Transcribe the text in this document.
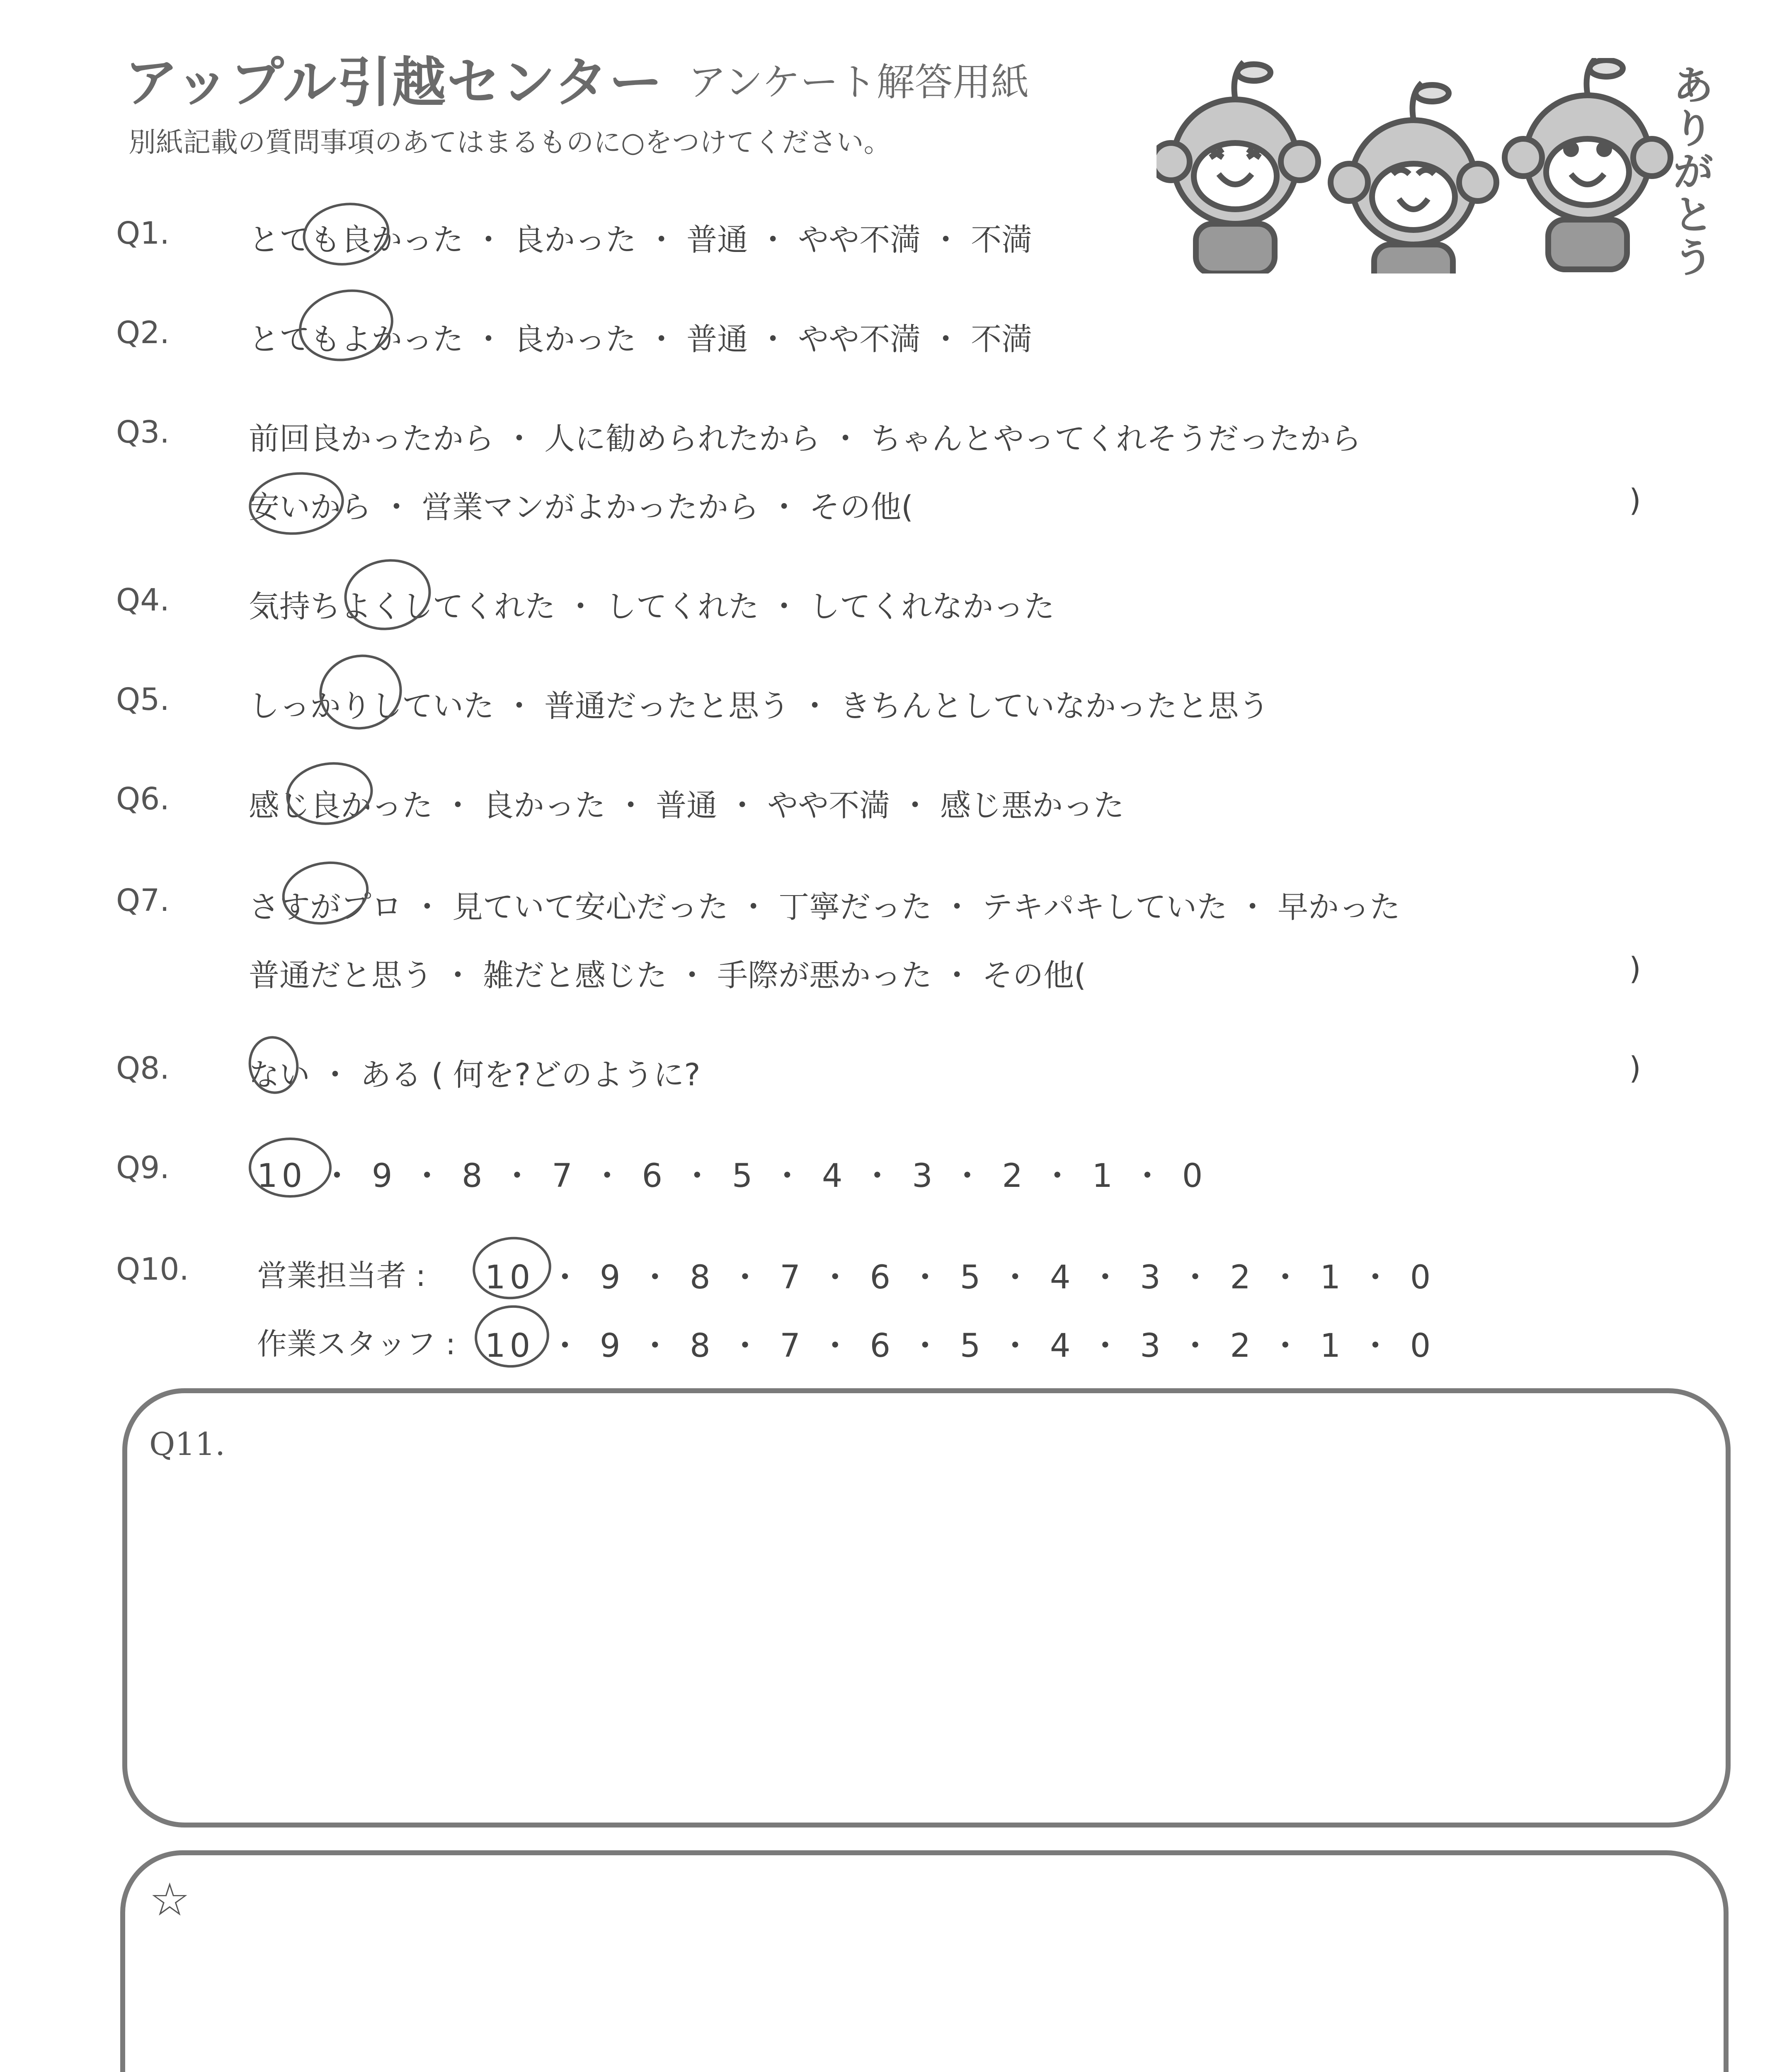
アップル引越センター アンケート解答用紙
別紙記載の質問事項のあてはまるものに○をつけてください。
ありがとう
Q1.	とても良かった ・ 良かった ・ 普通 ・ やや不満 ・ 不満
Q2.	とてもよかった ・ 良かった ・ 普通 ・ やや不満 ・ 不満
Q3.	前回良かったから ・ 人に勧められたから ・ ちゃんとやってくれそうだったから
安いから ・ 営業マンがよかったから ・ その他(	)
Q4.	気持ちよくしてくれた ・ してくれた ・ してくれなかった
Q5.	しっかりしていた ・ 普通だったと思う ・ きちんとしていなかったと思う
Q6.	感じ良かった ・ 良かった ・ 普通 ・ やや不満 ・ 感じ悪かった
Q7.	さすがプロ ・ 見ていて安心だった ・ 丁寧だった ・ テキパキしていた ・ 早かった
普通だと思う ・ 雑だと感じた ・ 手際が悪かった ・ その他(	)
Q8.	ない ・ ある ( 何を?どのように?	)
Q9.	10 ・ 9 ・ 8 ・ 7 ・ 6 ・ 5 ・ 4 ・ 3 ・ 2 ・ 1 ・ 0
Q10. 営業担当者 : 10 ・ 9 ・ 8 ・ 7 ・ 6 ・ 5 ・ 4 ・ 3 ・ 2 ・ 1 ・ 0
作業スタッフ : 10 ・ 9 ・ 8 ・ 7 ・ 6 ・ 5 ・ 4 ・ 3 ・ 2 ・ 1 ・ 0
Q11.
☆
